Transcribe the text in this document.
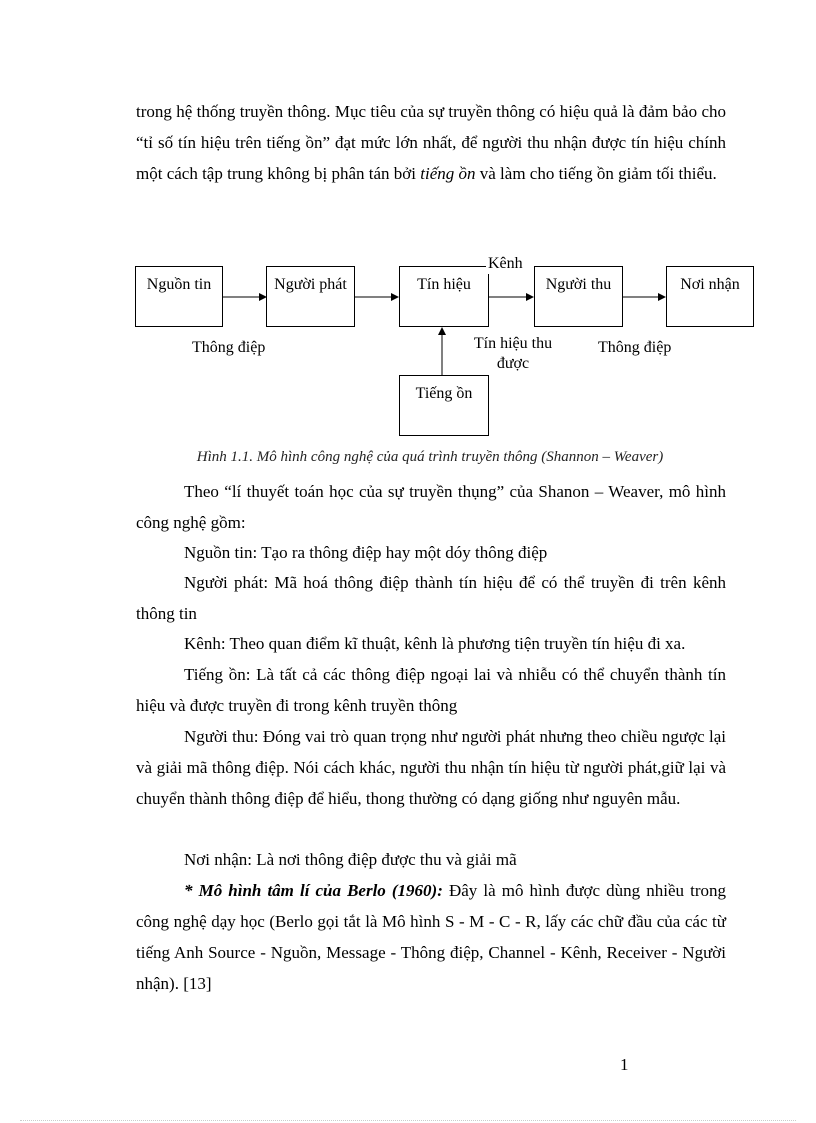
trong hệ thống truyền thông. Mục tiêu của sự truyền thông có hiệu quả là đảm bảo cho “tỉ số tín hiệu trên tiếng ồn” đạt mức lớn nhất, để người thu nhận được tín hiệu chính một cách tập trung không bị phân tán bởi tiếng ồn và làm cho tiếng ồn giảm tối thiểu.

Nguồn tin	Người phát	Tín hiệu	Người thu	Nơi nhận
Tiếng ồn
Kênh
Thông điệp	Tín hiệu thu được
Thông điệp
Hình 1.1. Mô hình công nghệ của quá trình truyền thông (Shannon – Weaver)

Theo “lí thuyết toán học của sự truyền thụng” của Shanon – Weaver, mô hình công nghệ gồm:

Nguồn tin: Tạo ra thông điệp hay một dóy thông điệp

Người phát: Mã hoá thông điệp thành tín hiệu để có thể truyền đi trên kênh thông tin

Kênh: Theo quan điểm kĩ thuật, kênh là phương tiện truyền tín hiệu đi xa.

Tiếng ồn: Là tất cả các thông điệp ngoại lai và nhiễu có thể chuyển thành tín hiệu và được truyền đi trong kênh truyền thông

Người thu: Đóng vai trò quan trọng như người phát nhưng theo chiều ngược lại và giải mã thông điệp. Nói cách khác, người thu nhận tín hiệu từ người phát,giữ lại và chuyển thành thông điệp để hiểu, thong thường có dạng giống như nguyên mẫu.

Nơi nhận: Là nơi thông điệp được thu và giải mã

* Mô hình tâm lí của Berlo (1960): Đây là mô hình được dùng nhiều trong công nghệ dạy học (Berlo gọi tắt là Mô hình S - M - C - R, lấy các chữ đầu của các từ tiếng Anh Source - Nguồn, Message - Thông điệp, Channel - Kênh, Receiver - Người nhận). [13]

1
